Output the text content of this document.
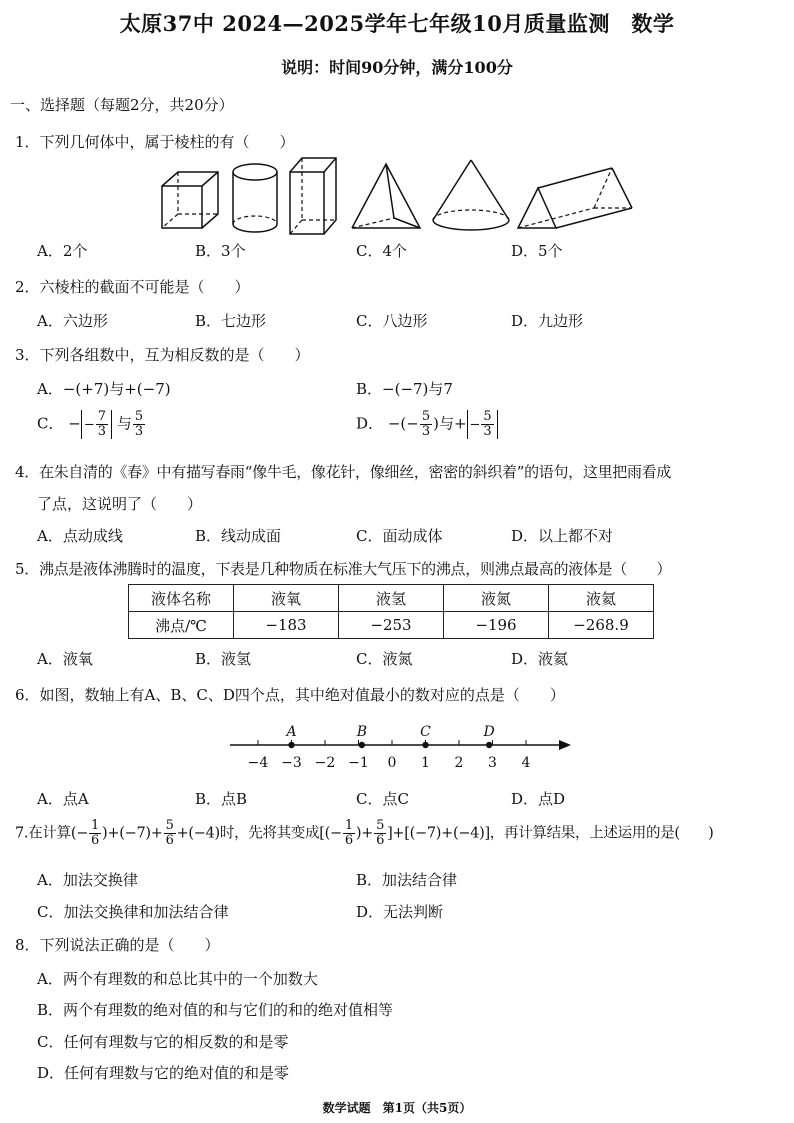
太原37中 2024—2025学年七年级10月质量监测　数学
说明：时间90分钟，满分100分
一、选择题（每题2分，共20分）
1．下列几何体中，属于棱柱的有（　　）
A．2个	B．3个	C．4个	D．5个
2．六棱柱的截面不可能是（　　）
A．六边形	B．七边形	C．八边形	D．九边形
3．下列各组数中，互为相反数的是（　　）
A．−(+7)与+(−7)	B．−(−7)与7
C． − − $\frac{7}{3}$ 与 $\frac{5}{3}$	D． −(− $\frac{5}{3}$ )与+ − $\frac{5}{3}$
4．在朱自清的《春》中有描写春雨“像牛毛，像花针，像细丝，密密的斜织着”的语句，这里把雨看成
了点，这说明了（　　）
A．点动成线	B．线动成面	C．面动成体	D．以上都不对
5．沸点是液体沸腾时的温度，下表是几种物质在标准大气压下的沸点，则沸点最高的液体是（　　）
液体名称	液氧	液氢	液氮	液氦
沸点/℃	−183	−253	−196	−268.9
A．液氧	B．液氢	C．液氮	D．液氦
6．如图，数轴上有A、B、C、D四个点，其中绝对值最小的数对应的点是（　　）
−4 −3 −2 −1 0 1 2 3 4
A	B	C	D
A．点A	B．点B	C．点C	D．点D
7.在计算(− $\frac{1}{6} )+(-7)+ \frac{5}{6} +(-4)$时，先将其变成[(− $\frac{1}{6}$ )+ $\frac{5}{6} ]+[(-7)+(-4)]$，再计算结果，上述运用的是(　　)
A．加法交换律	B．加法结合律
C．加法交换律和加法结合律	D．无法判断
8．下列说法正确的是（　　）
A．两个有理数的和总比其中的一个加数大
B．两个有理数的绝对值的和与它们的和的绝对值相等
C．任何有理数与它的相反数的和是零
D．任何有理数与它的绝对值的和是零
数学试题　第1页（共5页）
